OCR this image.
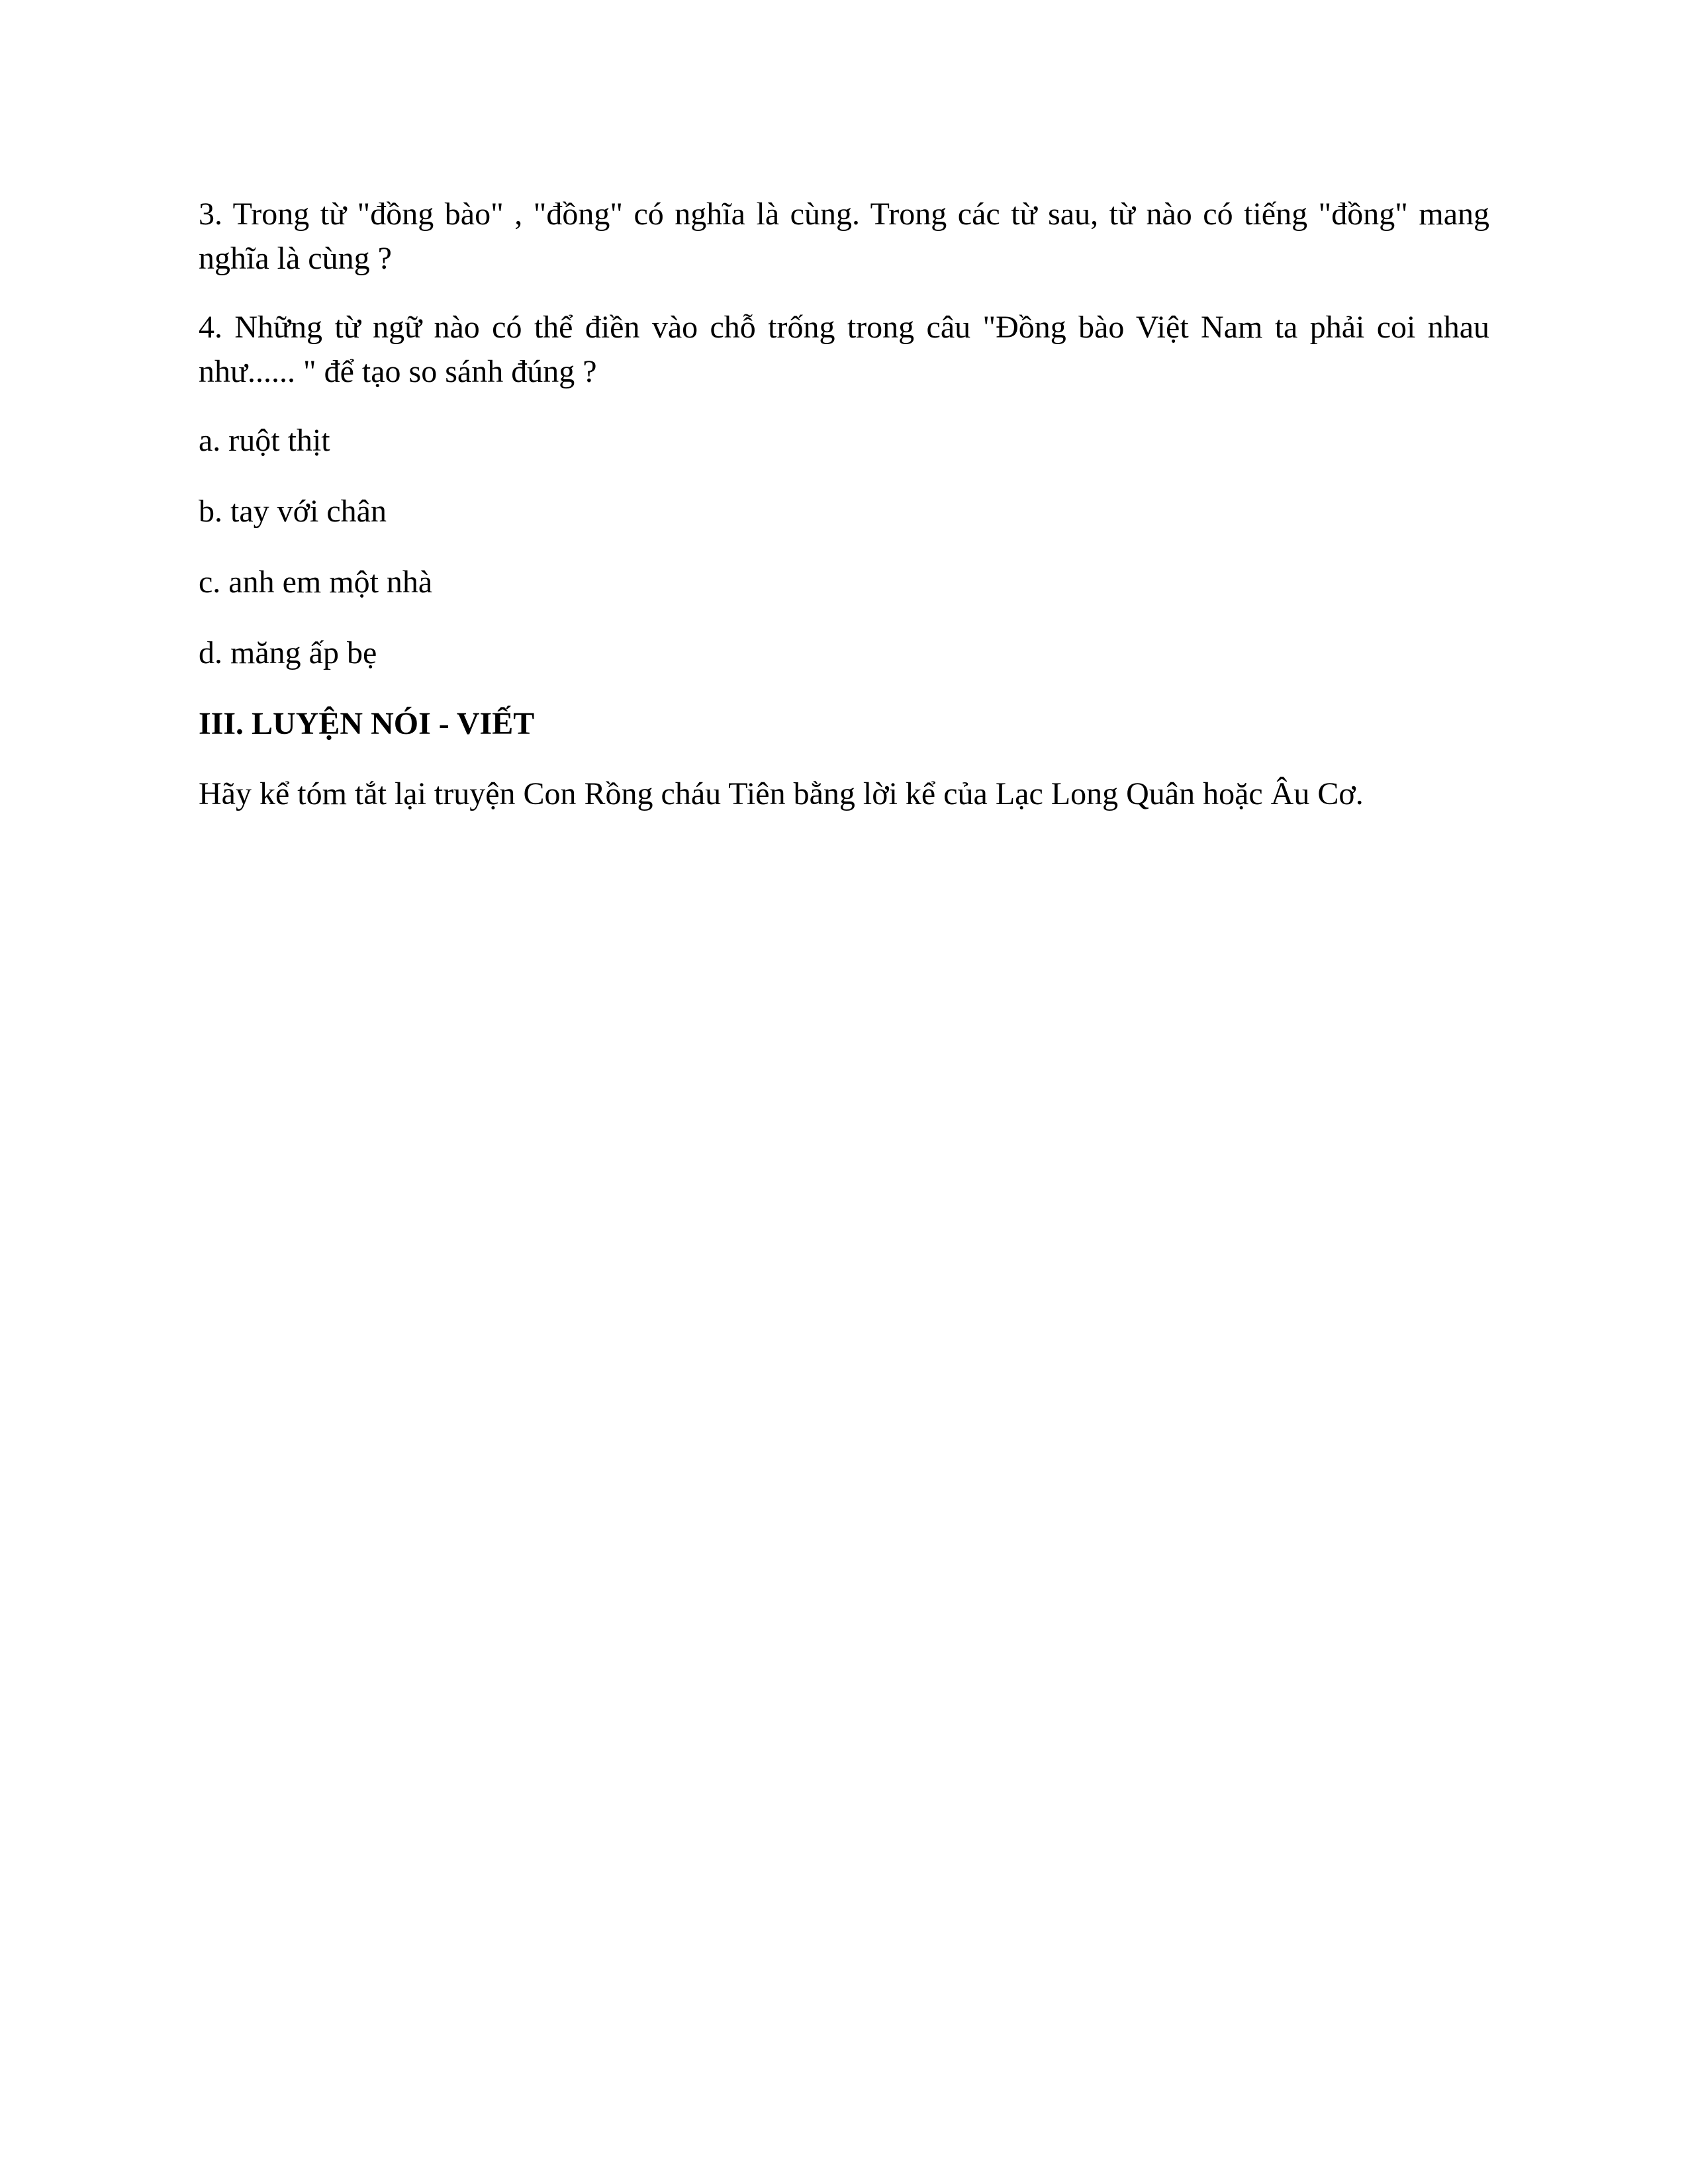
3. Trong từ "đồng bào" , "đồng" có nghĩa là cùng. Trong các từ sau, từ nào có tiếng "đồng" mang nghĩa là cùng ?

4. Những từ ngữ nào có thể điền vào chỗ trống trong câu "Đồng bào Việt Nam ta phải coi nhau như...... " để tạo so sánh đúng ?

a. ruột thịt

b. tay với chân

c. anh em một nhà

d. măng ấp bẹ

III. LUYỆN NÓI - VIẾT

Hãy kể tóm tắt lại truyện Con Rồng cháu Tiên bằng lời kể của Lạc Long Quân hoặc Âu Cơ.
